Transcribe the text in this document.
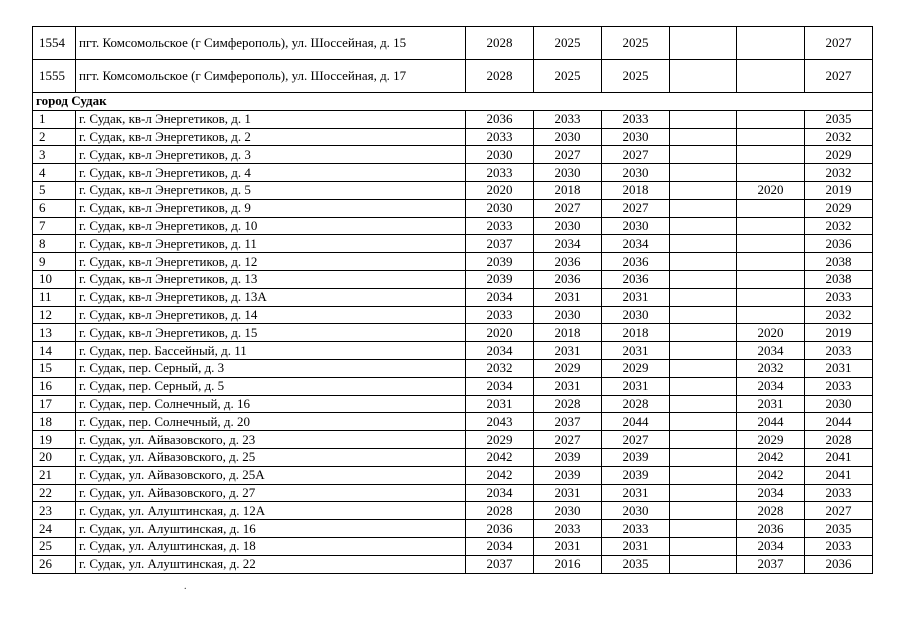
1554	пгт. Комсомольское (г Симферополь), ул. Шоссейная, д. 15	2028	2025	2025			2027
1555	пгт. Комсомольское (г Симферополь), ул. Шоссейная, д. 17	2028	2025	2025			2027
город Судак							
1	г. Судак, кв-л Энергетиков, д. 1	2036	2033	2033			2035
2	г. Судак, кв-л Энергетиков, д. 2	2033	2030	2030			2032
3	г. Судак, кв-л Энергетиков, д. 3	2030	2027	2027			2029
4	г. Судак, кв-л Энергетиков, д. 4	2033	2030	2030			2032
5	г. Судак, кв-л Энергетиков, д. 5	2020	2018	2018		2020	2019
6	г. Судак, кв-л Энергетиков, д. 9	2030	2027	2027			2029
7	г. Судак, кв-л Энергетиков, д. 10	2033	2030	2030			2032
8	г. Судак, кв-л Энергетиков, д. 11	2037	2034	2034			2036
9	г. Судак, кв-л Энергетиков, д. 12	2039	2036	2036			2038
10	г. Судак, кв-л Энергетиков, д. 13	2039	2036	2036			2038
11	г. Судак, кв-л Энергетиков, д. 13А	2034	2031	2031			2033
12	г. Судак, кв-л Энергетиков, д. 14	2033	2030	2030			2032
13	г. Судак, кв-л Энергетиков, д. 15	2020	2018	2018		2020	2019
14	г. Судак, пер. Бассейный, д. 11	2034	2031	2031		2034	2033
15	г. Судак, пер. Серный, д. 3	2032	2029	2029		2032	2031
16	г. Судак, пер. Серный, д. 5	2034	2031	2031		2034	2033
17	г. Судак, пер. Солнечный, д. 16	2031	2028	2028		2031	2030
18	г. Судак, пер. Солнечный, д. 20	2043	2037	2044		2044	2044
19	г. Судак, ул. Айвазовского, д. 23	2029	2027	2027		2029	2028
20	г. Судак, ул. Айвазовского, д. 25	2042	2039	2039		2042	2041
21	г. Судак, ул. Айвазовского, д. 25А	2042	2039	2039		2042	2041
22	г. Судак, ул. Айвазовского, д. 27	2034	2031	2031		2034	2033
23	г. Судак, ул. Алуштинская, д. 12А	2028	2030	2030		2028	2027
24	г. Судак, ул. Алуштинская, д. 16	2036	2033	2033		2036	2035
25	г. Судак, ул. Алуштинская, д. 18	2034	2031	2031		2034	2033
26	г. Судак, ул. Алуштинская, д. 22	2037	2016	2035		2037	2036
.
